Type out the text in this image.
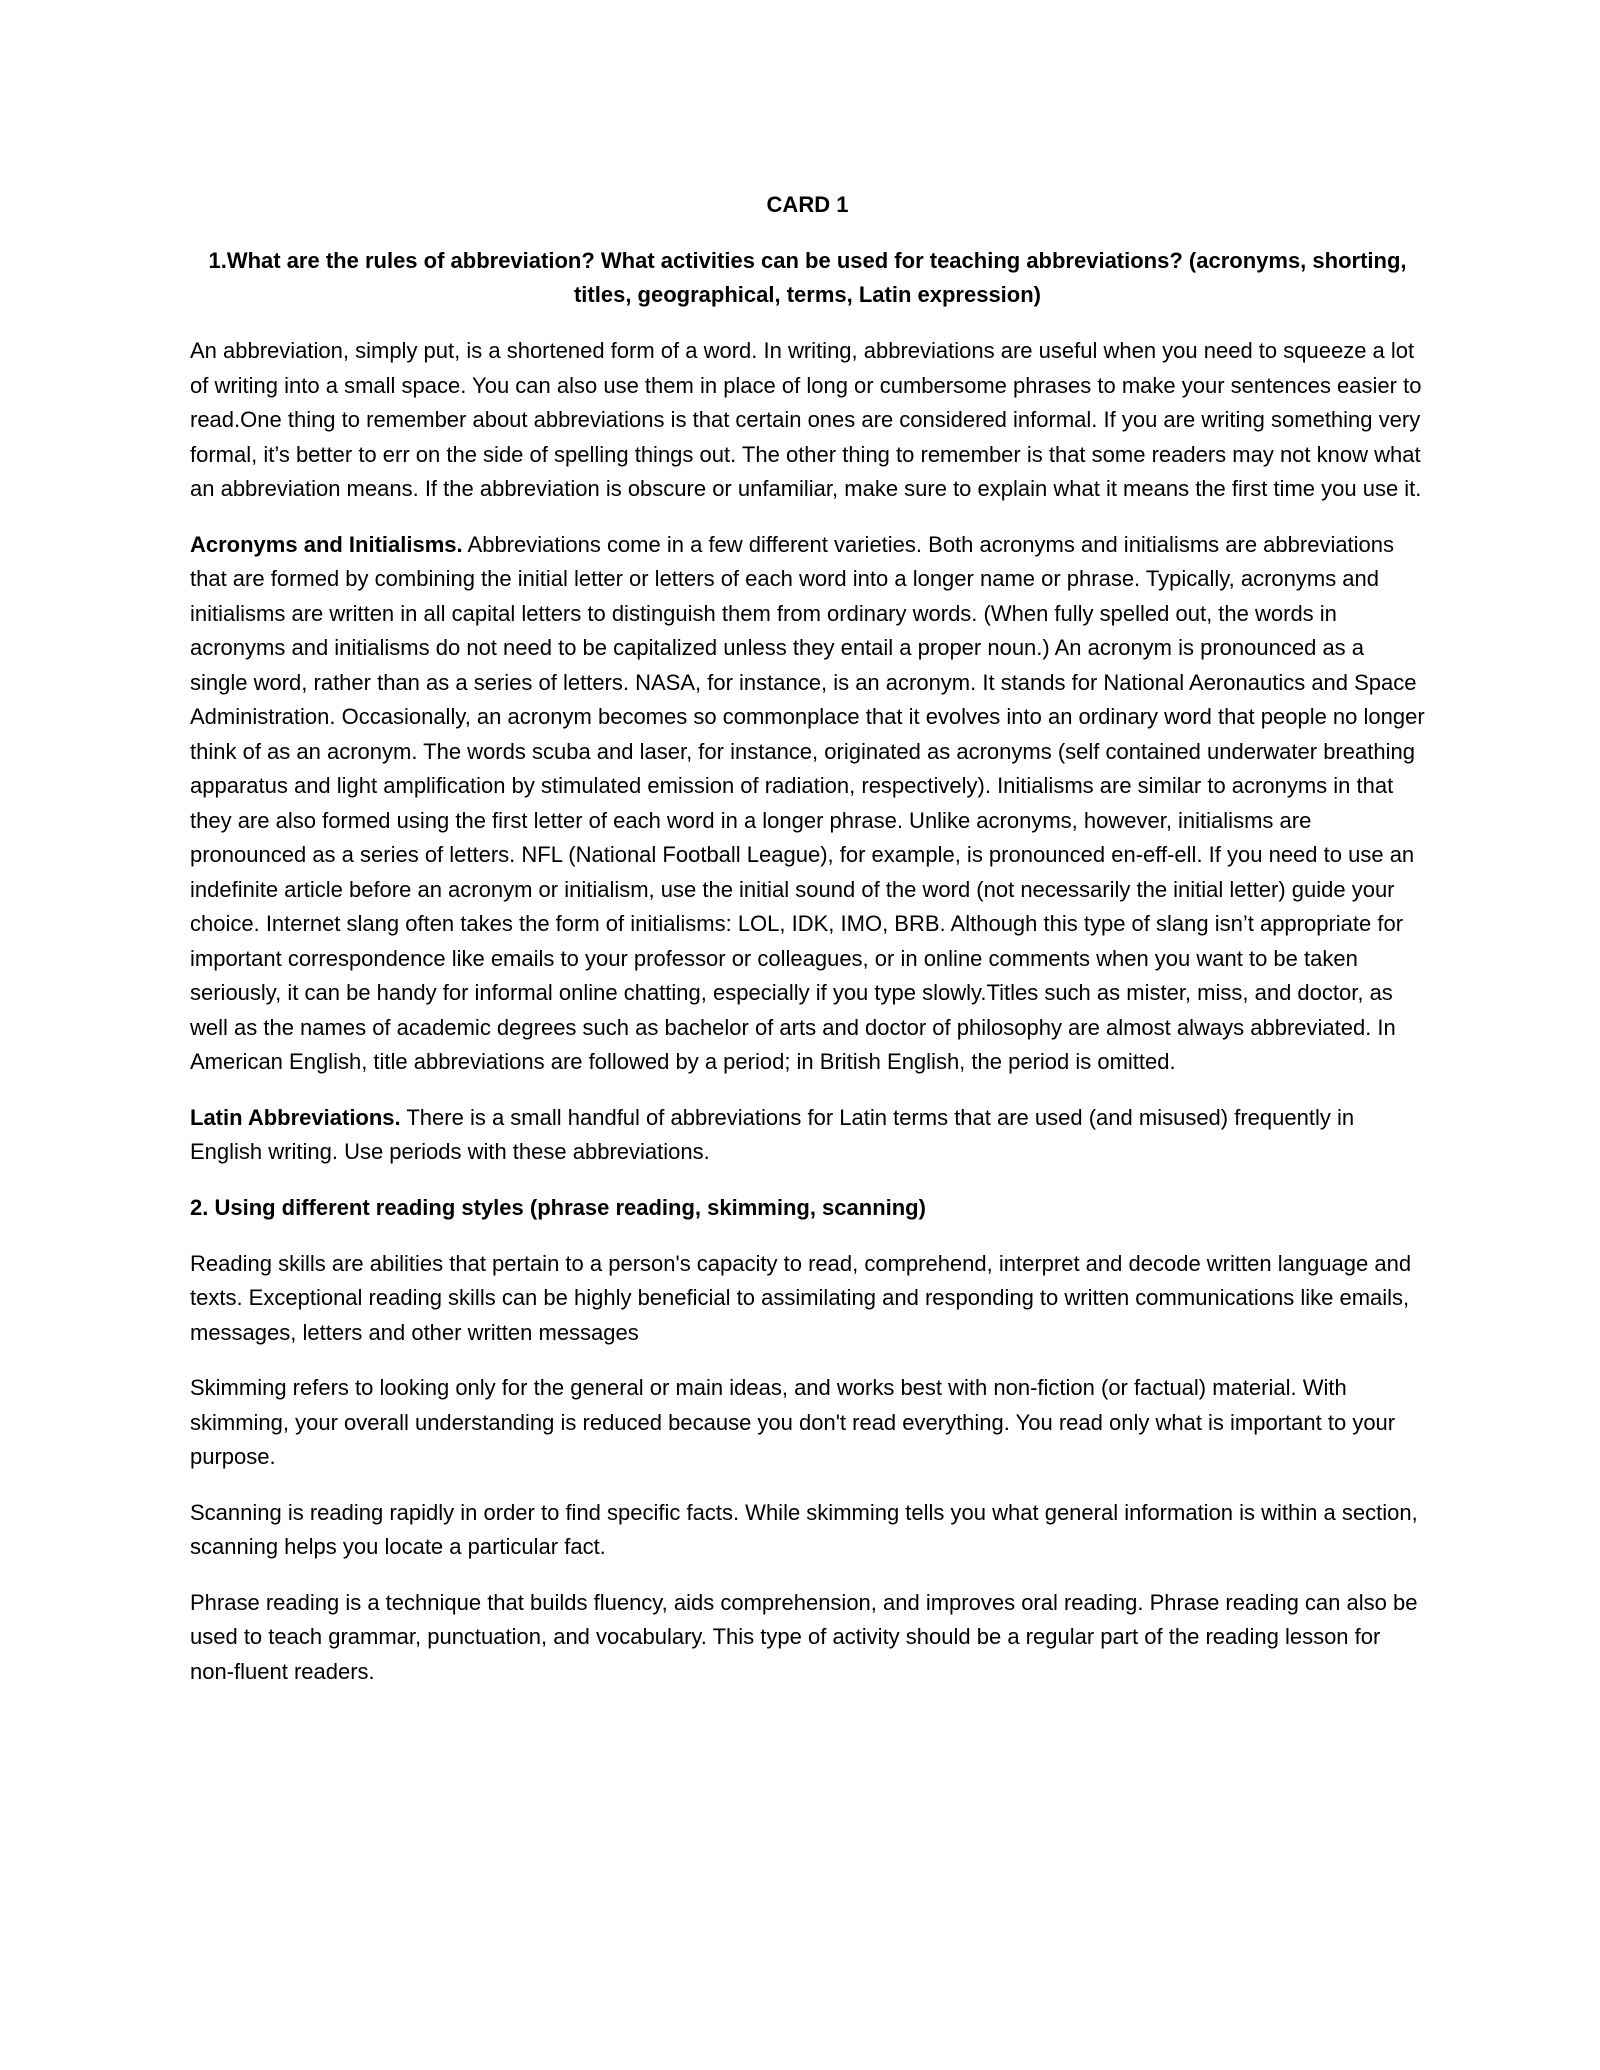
CARD 1

1.What are the rules of abbreviation? What activities can be used for teaching abbreviations? (acronyms, shorting, titles, geographical, terms, Latin expression)

An abbreviation, simply put, is a shortened form of a word. In writing, abbreviations are useful when you need to squeeze a lot of writing into a small space. You can also use them in place of long or cumbersome phrases to make your sentences easier to read.One thing to remember about abbreviations is that certain ones are considered informal. If you are writing something very formal, it’s better to err on the side of spelling things out. The other thing to remember is that some readers may not know what an abbreviation means. If the abbreviation is obscure or unfamiliar, make sure to explain what it means the first time you use it.

Acronyms and Initialisms. Abbreviations come in a few different varieties. Both acronyms and initialisms are abbreviations that are formed by combining the initial letter or letters of each word into a longer name or phrase. Typically, acronyms and initialisms are written in all capital letters to distinguish them from ordinary words. (When fully spelled out, the words in acronyms and initialisms do not need to be capitalized unless they entail a proper noun.) An acronym is pronounced as a single word, rather than as a series of letters. NASA, for instance, is an acronym. It stands for National Aeronautics and Space Administration. Occasionally, an acronym becomes so commonplace that it evolves into an ordinary word that people no longer think of as an acronym. The words scuba and laser, for instance, originated as acronyms (self contained underwater breathing apparatus and light amplification by stimulated emission of radiation, respectively). Initialisms are similar to acronyms in that they are also formed using the first letter of each word in a longer phrase. Unlike acronyms, however, initialisms are pronounced as a series of letters. NFL (National Football League), for example, is pronounced en-eff-ell. If you need to use an indefinite article before an acronym or initialism, use the initial sound of the word (not necessarily the initial letter) guide your choice. Internet slang often takes the form of initialisms: LOL, IDK, IMO, BRB. Although this type of slang isn’t appropriate for important correspondence like emails to your professor or colleagues, or in online comments when you want to be taken seriously, it can be handy for informal online chatting, especially if you type slowly.Titles such as mister, miss, and doctor, as well as the names of academic degrees such as bachelor of arts and doctor of philosophy are almost always abbreviated. In American English, title abbreviations are followed by a period; in British English, the period is omitted.

Latin Abbreviations. There is a small handful of abbreviations for Latin terms that are used (and misused) frequently in English writing. Use periods with these abbreviations.

2. Using different reading styles (phrase reading, skimming, scanning)

Reading skills are abilities that pertain to a person's capacity to read, comprehend, interpret and decode written language and texts. Exceptional reading skills can be highly beneficial to assimilating and responding to written communications like emails, messages, letters and other written messages

Skimming refers to looking only for the general or main ideas, and works best with non-fiction (or factual) material. With skimming, your overall understanding is reduced because you don't read everything. You read only what is important to your purpose.

Scanning is reading rapidly in order to find specific facts. While skimming tells you what general information is within a section, scanning helps you locate a particular fact.

Phrase reading is a technique that builds fluency, aids comprehension, and improves oral reading. Phrase reading can also be used to teach grammar, punctuation, and vocabulary. This type of activity should be a regular part of the reading lesson for non-fluent readers.
